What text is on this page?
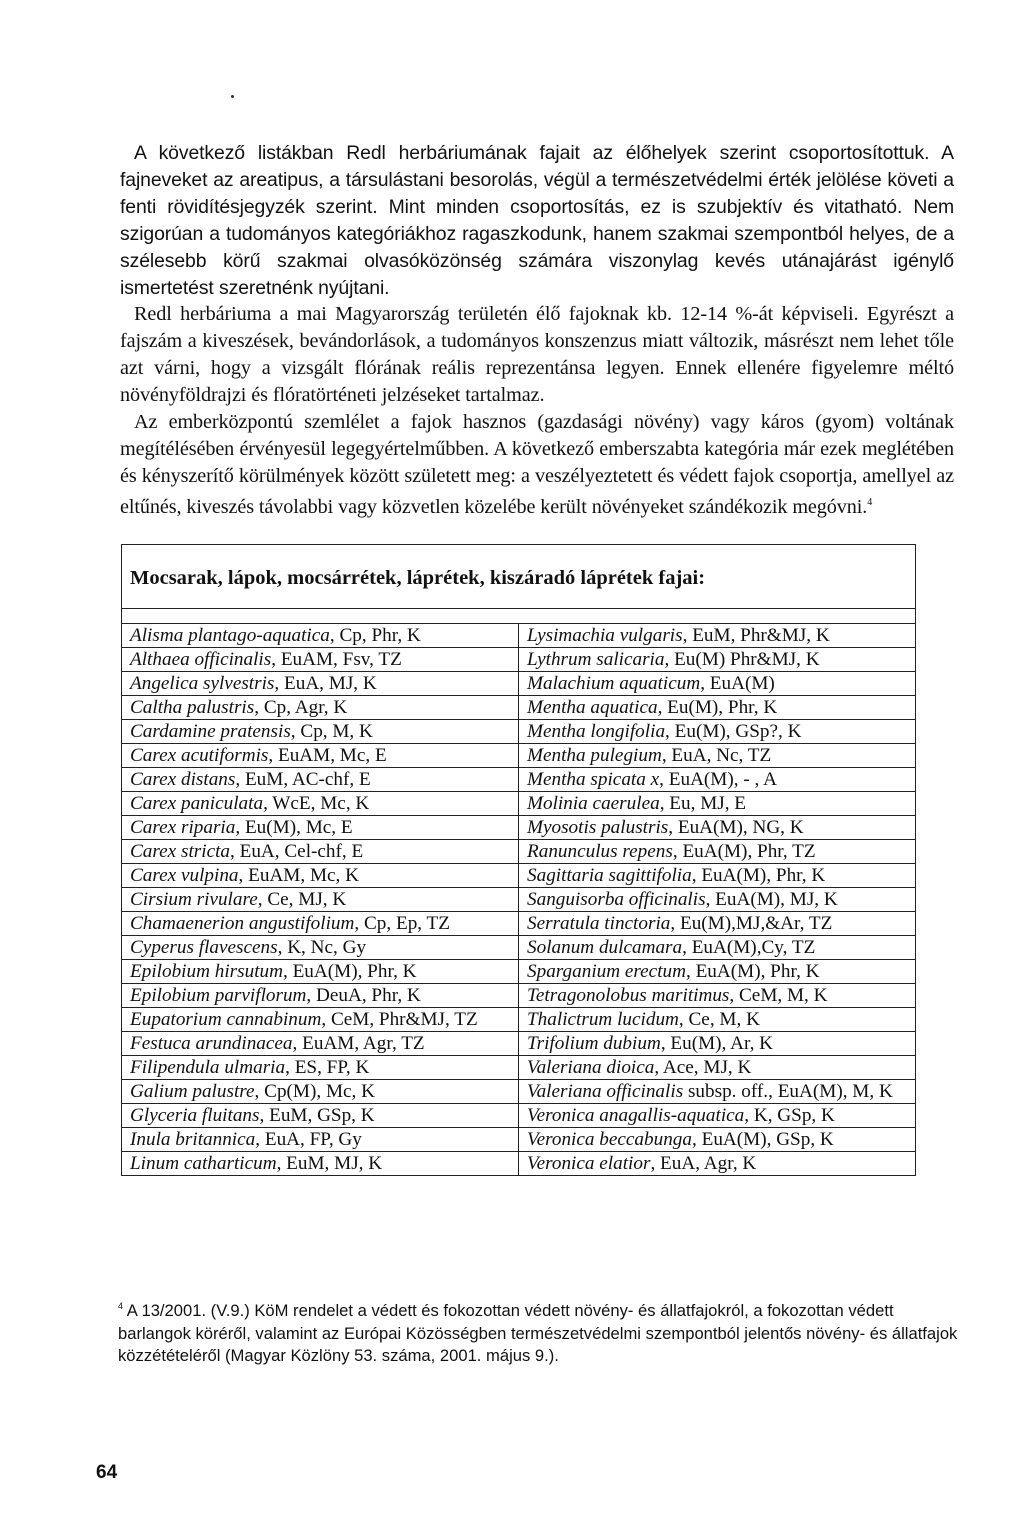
A következő listákban Redl herbáriumának fajait az élőhelyek szerint csoportosítottuk. A fajneveket az areatipus, a társulástani besorolás, végül a természetvédelmi érték jelölése követi a fenti rövidítésjegyzék szerint. Mint minden csoportosítás, ez is szubjektív és vitatható. Nem szigorúan a tudományos kategóriákhoz ragaszkodunk, hanem szakmai szempontból helyes, de a szélesebb körű szakmai olvasóközönség számára viszonylag kevés utánajárást igénylő ismertetést szeretnénk nyújtani.

Redl herbáriuma a mai Magyarország területén élő fajoknak kb. 12-14 %-át képviseli. Egyrészt a fajszám a kiveszések, bevándorlások, a tudományos konszenzus miatt változik, másrészt nem lehet tőle azt várni, hogy a vizsgált flórának reális reprezentánsa legyen. Ennek ellenére figyelemre méltó növényföldrajzi és flóratörténeti jelzéseket tartalmaz.

Az emberközpontú szemlélet a fajok hasznos (gazdasági növény) vagy káros (gyom) voltának megítélésében érvényesül legegyértelműbben. A következő emberszabta kategória már ezek meglétében és kényszerítő körülmények között született meg: a veszélyeztetett és védett fajok csoportja, amellyel az eltűnés, kiveszés távolabbi vagy közvetlen közelébe került növényeket szándékozik megóvni.$^4$

Mocsarak, lápok, mocsárrétek, láprétek, kiszáradó láprétek fajai:	

Alisma plantago-aquatica, Cp, Phr, K	Lysimachia vulgaris, EuM, Phr&MJ, K
Althaea officinalis, EuAM, Fsv, TZ	Lythrum salicaria, Eu(M) Phr&MJ, K
Angelica sylvestris, EuA, MJ, K	Malachium aquaticum, EuA(M)
Caltha palustris, Cp, Agr, K	Mentha aquatica, Eu(M), Phr, K
Cardamine pratensis, Cp, M, K	Mentha longifolia, Eu(M), GSp?, K
Carex acutiformis, EuAM, Mc, E	Mentha pulegium, EuA, Nc, TZ
Carex distans, EuM, AC-chf, E	Mentha spicata x, EuA(M), - , A
Carex paniculata, WcE, Mc, K	Molinia caerulea, Eu, MJ, E
Carex riparia, Eu(M), Mc, E	Myosotis palustris, EuA(M), NG, K
Carex stricta, EuA, Cel-chf, E	Ranunculus repens, EuA(M), Phr, TZ
Carex vulpina, EuAM, Mc, K	Sagittaria sagittifolia, EuA(M), Phr, K
Cirsium rivulare, Ce, MJ, K	Sanguisorba officinalis, EuA(M), MJ, K
Chamaenerion angustifolium, Cp, Ep, TZ	Serratula tinctoria, Eu(M),MJ,&Ar, TZ
Cyperus flavescens, K, Nc, Gy	Solanum dulcamara, EuA(M),Cy, TZ
Epilobium hirsutum, EuA(M), Phr, K	Sparganium erectum, EuA(M), Phr, K
Epilobium parviflorum, DeuA, Phr, K	Tetragonolobus maritimus, CeM, M, K
Eupatorium cannabinum, CeM, Phr&MJ, TZ	Thalictrum lucidum, Ce, M, K
Festuca arundinacea, EuAM, Agr, TZ	Trifolium dubium, Eu(M), Ar, K
Filipendula ulmaria, ES, FP, K	Valeriana dioica, Ace, MJ, K
Galium palustre, Cp(M), Mc, K	Valeriana officinalis subsp. off., EuA(M), M, K
Glyceria fluitans, EuM, GSp, K	Veronica anagallis-aquatica, K, GSp, K
Inula britannica, EuA, FP, Gy	Veronica beccabunga, EuA(M), GSp, K
Linum catharticum, EuM, MJ, K	Veronica elatior, EuA, Agr, K
$^4$ A 13/2001. (V.9.) KöM rendelet a védett és fokozottan védett növény- és állatfajokról, a fokozottan védett barlangok köréről, valamint az Európai Közösségben természetvédelmi szempontból jelentős növény- és állatfajok közzétételéről (Magyar Közlöny 53. száma, 2001. május 9.).
64
